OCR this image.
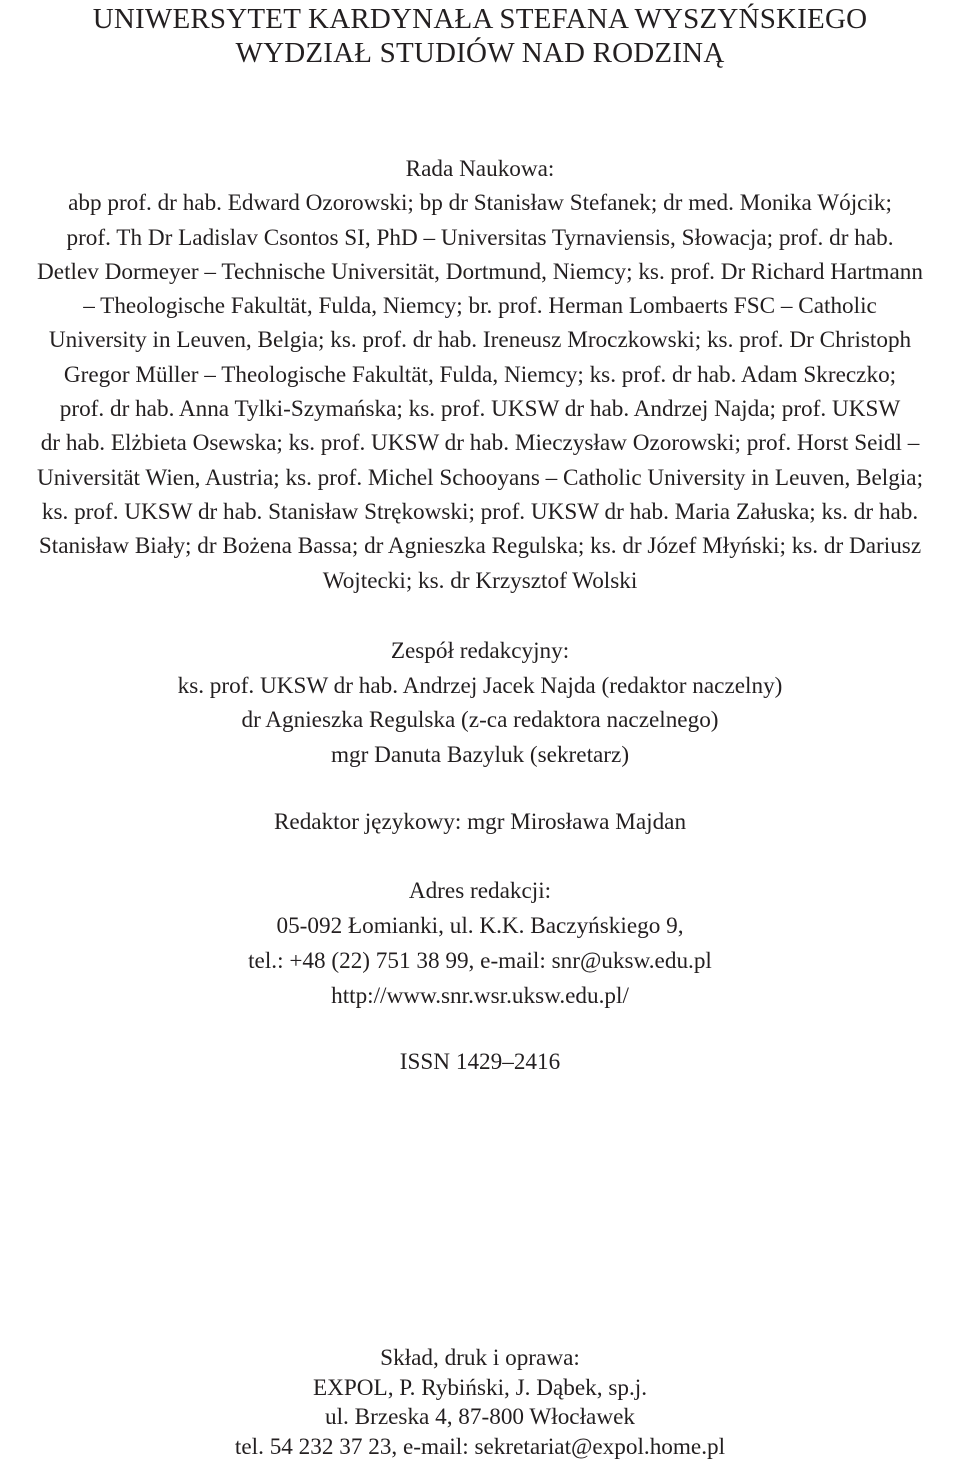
UNIWERSYTET KARDYNAŁA STEFANA WYSZYŃSKIEGO
WYDZIAŁ STUDIÓW NAD RODZINĄ
Rada Naukowa:
abp prof. dr hab. Edward Ozorowski; bp dr Stanisław Stefanek; dr med. Monika Wójcik;
prof. Th Dr Ladislav Csontos SI, PhD – Universitas Tyrnaviensis, Słowacja; prof. dr hab.
Detlev Dormeyer – Technische Universität, Dortmund, Niemcy; ks. prof. Dr Richard Hartmann
– Theologische Fakultät, Fulda, Niemcy; br. prof. Herman Lombaerts FSC – Catholic
University in Leuven, Belgia; ks. prof. dr hab. Ireneusz Mroczkowski; ks. prof. Dr Christoph
Gregor Müller – Theologische Fakultät, Fulda, Niemcy; ks. prof. dr hab. Adam Skreczko;
prof. dr hab. Anna Tylki-Szymańska; ks. prof. UKSW dr hab. Andrzej Najda; prof. UKSW
dr hab. Elżbieta Osewska; ks. prof. UKSW dr hab. Mieczysław Ozorowski; prof. Horst Seidl –
Universität Wien, Austria; ks. prof. Michel Schooyans – Catholic University in Leuven, Belgia;
ks. prof. UKSW dr hab. Stanisław Strękowski; prof. UKSW dr hab. Maria Załuska; ks. dr hab.
Stanisław Biały; dr Bożena Bassa; dr Agnieszka Regulska; ks. dr Józef Młyński; ks. dr Dariusz
Wojtecki; ks. dr Krzysztof Wolski
Zespół redakcyjny:
ks. prof. UKSW dr hab. Andrzej Jacek Najda (redaktor naczelny)
dr Agnieszka Regulska (z-ca redaktora naczelnego)
mgr Danuta Bazyluk (sekretarz)
Redaktor językowy: mgr Mirosława Majdan
Adres redakcji:
05-092 Łomianki, ul. K.K. Baczyńskiego 9,
tel.: +48 (22) 751 38 99, e-mail: snr@uksw.edu.pl
http://www.snr.wsr.uksw.edu.pl/
ISSN 1429–2416
Skład, druk i oprawa:
EXPOL, P. Rybiński, J. Dąbek, sp.j.
ul. Brzeska 4, 87-800 Włocławek
tel. 54 232 37 23, e-mail: sekretariat@expol.home.pl
